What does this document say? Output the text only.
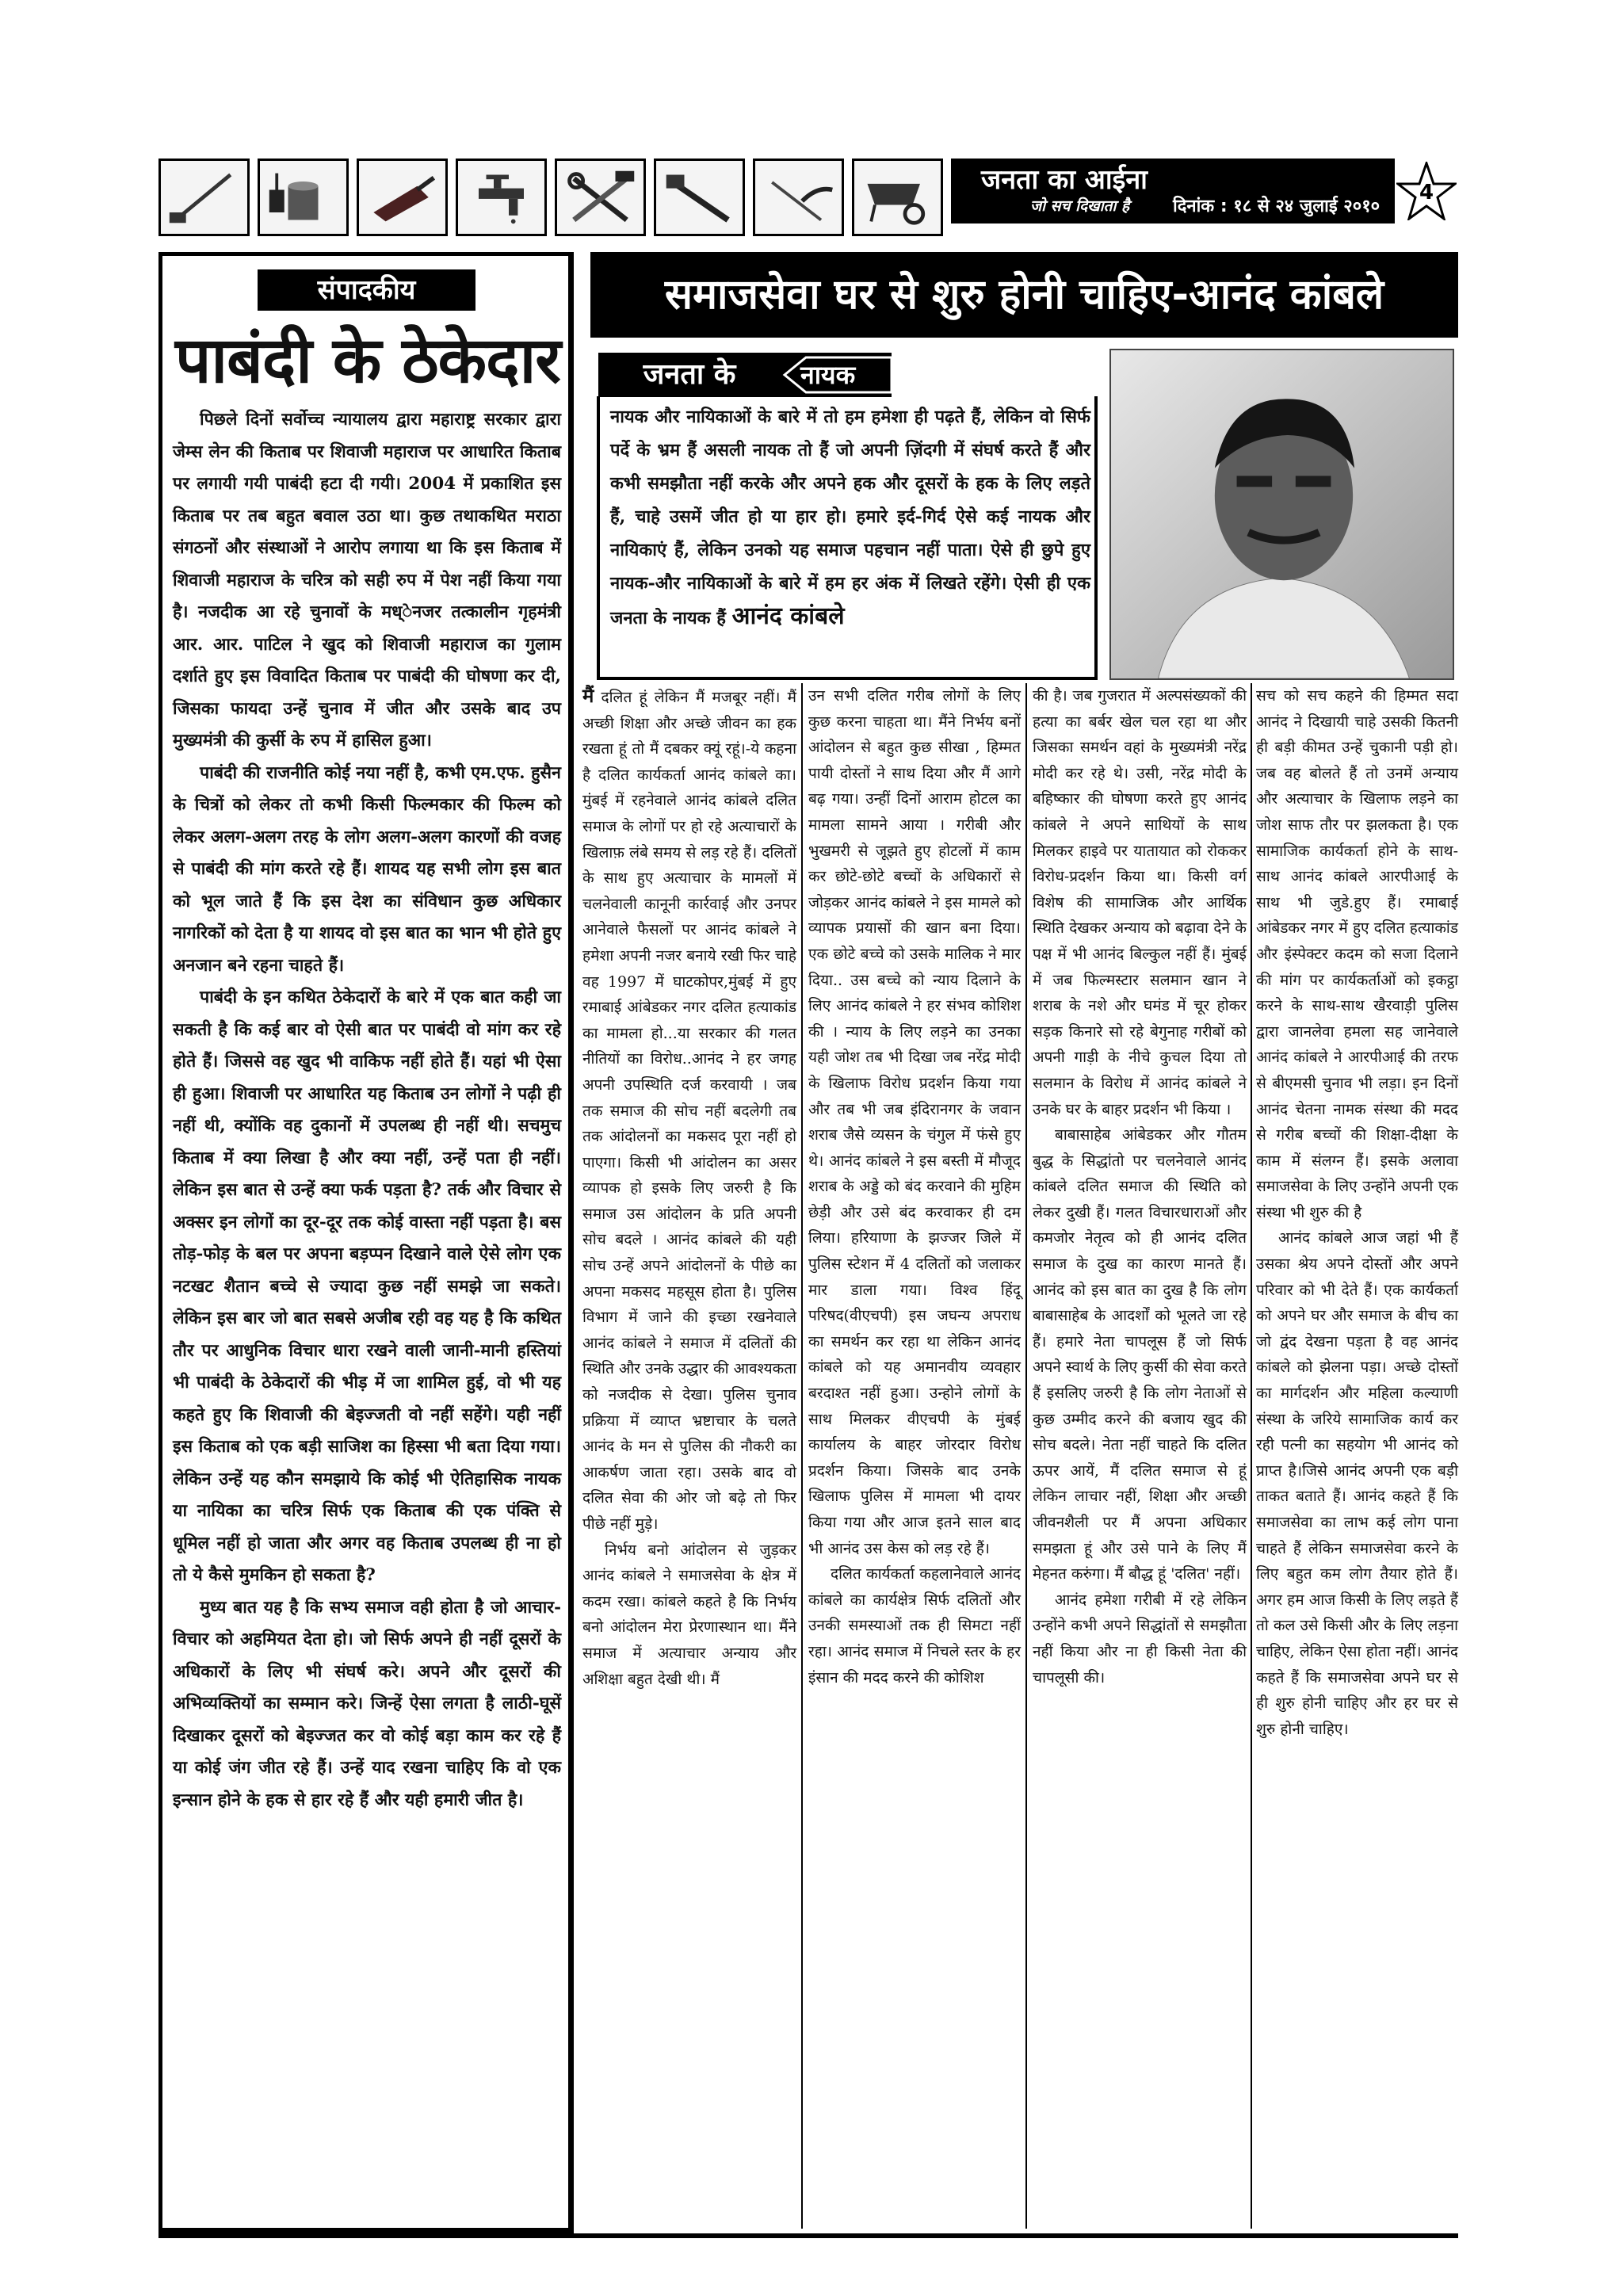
जनता का आईना
जो सच दिखाता है दिनांक : १८ से २४ जुलाई २०१०
4
संपादकीय
पाबंदी के ठेकेदार

पिछले दिनों सर्वोच्च न्यायालय द्वारा महाराष्ट्र सरकार द्वारा जेम्स लेन की किताब पर शिवाजी महाराज पर आधारित किताब पर लगायी गयी पाबंदी हटा दी गयी। 2004 में प्रकाशित इस किताब पर तब बहुत बवाल उठा था। कुछ तथाकथित मराठा संगठनों और संस्थाओं ने आरोप लगाया था कि इस किताब में शिवाजी महाराज के चरित्र को सही रुप में पेश नहीं किया गया है। नजदीक आ रहे चुनावों के मध्ेनजर तत्कालीन गृहमंत्री आर. आर. पाटिल ने खुद को शिवाजी महाराज का गुलाम दर्शाते हुए इस विवादित किताब पर पाबंदी की घोषणा कर दी, जिसका फायदा उन्हें चुनाव में जीत और उसके बाद उप मुख्यमंत्री की कुर्सी के रुप में हासिल हुआ।

पाबंदी की राजनीति कोई नया नहीं है, कभी एम.एफ. हुसैन के चित्रों को लेकर तो कभी किसी फिल्मकार की फिल्म को लेकर अलग-अलग तरह के लोग अलग-अलग कारणों की वजह से पाबंदी की मांग करते रहे हैं। शायद यह सभी लोग इस बात को भूल जाते हैं कि इस देश का संविधान कुछ अधिकार नागरिकों को देता है या शायद वो इस बात का भान भी होते हुए अनजान बने रहना चाहते हैं।

पाबंदी के इन कथित ठेकेदारों के बारे में एक बात कही जा सकती है कि कई बार वो ऐसी बात पर पाबंदी वो मांग कर रहे होते हैं। जिससे वह खुद भी वाकिफ नहीं होते हैं। यहां भी ऐसा ही हुआ। शिवाजी पर आधारित यह किताब उन लोगों ने पढ़ी ही नहीं थी, क्योंकि वह दुकानों में उपलब्ध ही नहीं थी। सचमुच किताब में क्या लिखा है और क्या नहीं, उन्हें पता ही नहीं। लेकिन इस बात से उन्हें क्या फर्क पड़ता है? तर्क और विचार से अक्सर इन लोगों का दूर-दूर तक कोई वास्ता नहीं पड़ता है। बस तोड़-फोड़ के बल पर अपना बड़प्पन दिखाने वाले ऐसे लोग एक नटखट शैतान बच्चे से ज्यादा कुछ नहीं समझे जा सकते। लेकिन इस बार जो बात सबसे अजीब रही वह यह है कि कथित तौर पर आधुनिक विचार धारा रखने वाली जानी-मानी हस्तियां भी पाबंदी के ठेकेदारों की भीड़ में जा शामिल हुई, वो भी यह कहते हुए कि शिवाजी की बेइज्जती वो नहीं सहेंगे। यही नहीं इस किताब को एक बड़ी साजिश का हिस्सा भी बता दिया गया। लेकिन उन्हें यह कौन समझाये कि कोई भी ऐतिहासिक नायक या नायिका का चरित्र सिर्फ एक किताब की एक पंक्ति से धूमिल नहीं हो जाता और अगर वह किताब उपलब्ध ही ना हो तो ये कैसे मुमकिन हो सकता है?

मुध्य बात यह है कि सभ्य समाज वही होता है जो आचार-विचार को अहमियत देता हो। जो सिर्फ अपने ही नहीं दूसरों के अधिकारों के लिए भी संघर्ष करे। अपने और दूसरों की अभिव्यक्तियों का सम्मान करे। जिन्हें ऐसा लगता है लाठी-घूसें दिखाकर दूसरों को बेइज्जत कर वो कोई बड़ा काम कर रहे हैं या कोई जंग जीत रहे हैं। उन्हें याद रखना चाहिए कि वो एक इन्सान होने के हक से हार रहे हैं और यही हमारी जीत है।

समाजसेवा घर से शुरु होनी चाहिए-आनंद कांबले
जनता के	नायक
नायक और नायिकाओं के बारे में तो हम हमेशा ही पढ़ते हैं, लेकिन वो सिर्फ पर्दे के भ्रम हैं असली नायक तो हैं जो अपनी ज़िंदगी में संघर्ष करते हैं और कभी समझौता नहीं करके और अपने हक और दूसरों के हक के लिए लड़ते हैं, चाहे उसमें जीत हो या हार हो। हमारे इर्द-गिर्द ऐसे कई नायक और नायिकाएं हैं, लेकिन उनको यह समाज पहचान नहीं पाता। ऐसे ही छुपे हुए नायक-और नायिकाओं के बारे में हम हर अंक में लिखते रहेंगे। ऐसी ही एक जनता के नायक हैं आनंद कांबले

मैं दलित हूं लेकिन मैं मजबूर नहीं। मैं अच्छी शिक्षा और अच्छे जीवन का हक रखता हूं तो मैं दबकर क्यूं रहूं।-ये कहना है दलित कार्यकर्ता आनंद कांबले का। मुंबई में रहनेवाले आनंद कांबले दलित समाज के लोगों पर हो रहे अत्याचारों के खिलाफ़ लंबे समय से लड़ रहे हैं। दलितों के साथ हुए अत्याचार के मामलों में चलनेवाली कानूनी कार्रवाई और उनपर आनेवाले फैसलों पर आनंद कांबले ने हमेशा अपनी नजर बनाये रखी फिर चाहे वह 1997 में घाटकोपर,मुंबई में हुए रमाबाई आंबेडकर नगर दलित हत्याकांड का मामला हो...या सरकार की गलत नीतियों का विरोध..आनंद ने हर जगह अपनी उपस्थिति दर्ज करवायी । जब तक समाज की सोच नहीं बदलेगी तब तक आंदोलनों का मकसद पूरा नहीं हो पाएगा। किसी भी आंदोलन का असर व्यापक हो इसके लिए जरुरी है कि समाज उस आंदोलन के प्रति अपनी सोच बदले । आनंद कांबले की यही सोच उन्हें अपने आंदोलनों के पीछे का अपना मकसद महसूस होता है। पुलिस विभाग में जाने की इच्छा रखनेवाले आनंद कांबले ने समाज में दलितों की स्थिति और उनके उद्धार की आवश्यकता को नजदीक से देखा। पुलिस चुनाव प्रक्रिया में व्याप्त भ्रष्टाचार के चलते आनंद के मन से पुलिस की नौकरी का आकर्षण जाता रहा। उसके बाद वो दलित सेवा की ओर जो बढ़े तो फिर पीछे नहीं मुड़े।

निर्भय बनो आंदोलन से जुड़कर आनंद कांबले ने समाजसेवा के क्षेत्र में कदम रखा। कांबले कहते है कि निर्भय बनो आंदोलन मेरा प्रेरणास्थान था। मैंने समाज में अत्याचार अन्याय और अशिक्षा बहुत देखी थी। मैं

उन सभी दलित गरीब लोगों के लिए कुछ करना चाहता था। मैंने निर्भय बनों आंदोलन से बहुत कुछ सीखा , हिम्मत पायी दोस्तों ने साथ दिया और मैं आगे बढ़ गया। उन्हीं दिनों आराम होटल का मामला सामने आया । गरीबी और भुखमरी से जूझते हुए होटलों में काम कर छोटे-छोटे बच्चों के अधिकारों से जोड़कर आनंद कांबले ने इस मामले को व्यापक प्रयासों की खान बना दिया। एक छोटे बच्चे को उसके मालिक ने मार दिया.. उस बच्चे को न्याय दिलाने के लिए आनंद कांबले ने हर संभव कोशिश की । न्याय के लिए लड़ने का उनका यही जोश तब भी दिखा जब नरेंद्र मोदी के खिलाफ विरोध प्रदर्शन किया गया और तब भी जब इंदिरानगर के जवान शराब जैसे व्यसन के चंगुल में फंसे हुए थे। आनंद कांबले ने इस बस्ती में मौजूद शराब के अड्डे को बंद करवाने की मुहिम छेड़ी और उसे बंद करवाकर ही दम लिया। हरियाणा के झज्जर जिले में पुलिस स्टेशन में 4 दलितों को जलाकर मार डाला गया। विश्व हिंदू परिषद(वीएचपी) इस जघन्य अपराध का समर्थन कर रहा था लेकिन आनंद कांबले को यह अमानवीय व्यवहार बरदाश्त नहीं हुआ। उन्होने लोगों के साथ मिलकर वीएचपी के मुंबई कार्यालय के बाहर जोरदार विरोध प्रदर्शन किया। जिसके बाद उनके खिलाफ पुलिस में मामला भी दायर किया गया और आज इतने साल बाद भी आनंद उस केस को लड़ रहे हैं।

दलित कार्यकर्ता कहलानेवाले आनंद कांबले का कार्यक्षेत्र सिर्फ दलितों और उनकी समस्याओं तक ही सिमटा नहीं रहा। आनंद समाज में निचले स्तर के हर इंसान की मदद करने की कोशिश

की है। जब गुजरात में अल्पसंख्यकों की हत्या का बर्बर खेल चल रहा था और जिसका समर्थन वहां के मुख्यमंत्री नरेंद्र मोदी कर रहे थे। उसी, नरेंद्र मोदी के बहिष्कार की घोषणा करते हुए आनंद कांबले ने अपने साथियों के साथ मिलकर हाइवे पर यातायात को रोककर विरोध-प्रदर्शन किया था। किसी वर्ग विशेष की सामाजिक और आर्थिक स्थिति देखकर अन्याय को बढ़ावा देने के पक्ष में भी आनंद बिल्कुल नहीं हैं। मुंबई में जब फिल्मस्टार सलमान खान ने शराब के नशे और घमंड में चूर होकर सड़क किनारे सो रहे बेगुनाह गरीबों को अपनी गाड़ी के नीचे कुचल दिया तो सलमान के विरोध में आनंद कांबले ने उनके घर के बाहर प्रदर्शन भी किया ।

बाबासाहेब आंबेडकर और गौतम बुद्ध के सिद्धांतो पर चलनेवाले आनंद कांबले दलित समाज की स्थिति को लेकर दुखी हैं। गलत विचारधाराओं और कमजोर नेतृत्व को ही आनंद दलित समाज के दुख का कारण मानते हैं। आनंद को इस बात का दुख है कि लोग बाबासाहेब के आदर्शों को भूलते जा रहे हैं। हमारे नेता चापलूस हैं जो सिर्फ अपने स्वार्थ के लिए कुर्सी की सेवा करते हैं इसलिए जरुरी है कि लोग नेताओं से कुछ उम्मीद करने की बजाय खुद की सोच बदले। नेता नहीं चाहते कि दलित ऊपर आयें, मैं दलित समाज से हूं लेकिन लाचार नहीं, शिक्षा और अच्छी जीवनशैली पर मैं अपना अधिकार समझता हूं और उसे पाने के लिए मैं मेहनत करुंगा। मैं बौद्ध हूं 'दलित' नहीं।

आनंद हमेशा गरीबी में रहे लेकिन उन्होंने कभी अपने सिद्धांतों से समझौता नहीं किया और ना ही किसी नेता की चापलूसी की।

सच को सच कहने की हिम्मत सदा आनंद ने दिखायी चाहे उसकी कितनी ही बड़ी कीमत उन्हें चुकानी पड़ी हो। जब वह बोलते हैं तो उनमें अन्याय और अत्याचार के खिलाफ लड़ने का जोश साफ तौर पर झलकता है। एक सामाजिक कार्यकर्ता होने के साथ-साथ आनंद कांबले आरपीआई के साथ भी जुडे.हुए हैं। रमाबाई आंबेडकर नगर में हुए दलित हत्याकांड और इंस्पेक्टर कदम को सजा दिलाने की मांग पर कार्यकर्ताओं को इकट्ठा करने के साथ-साथ खैरवाड़ी पुलिस द्वारा जानलेवा हमला सह जानेवाले आनंद कांबले ने आरपीआई की तरफ से बीएमसी चुनाव भी लड़ा। इन दिनों आनंद चेतना नामक संस्था की मदद से गरीब बच्चों की शिक्षा-दीक्षा के काम में संलग्न हैं। इसके अलावा समाजसेवा के लिए उन्होंने अपनी एक संस्था भी शुरु की है

आनंद कांबले आज जहां भी हैं उसका श्रेय अपने दोस्तों और अपने परिवार को भी देते हैं। एक कार्यकर्ता को अपने घर और समाज के बीच का जो द्वंद देखना पड़ता है वह आनंद कांबले को झेलना पड़ा। अच्छे दोस्तों का मार्गदर्शन और महिला कल्याणी संस्था के जरिये सामाजिक कार्य कर रही पत्नी का सहयोग भी आनंद को प्राप्त है।जिसे आनंद अपनी एक बड़ी ताकत बताते हैं। आनंद कहते हैं कि समाजसेवा का लाभ कई लोग पाना चाहते हैं लेकिन समाजसेवा करने के लिए बहुत कम लोग तैयार होते हैं। अगर हम आज किसी के लिए लड़ते हैं तो कल उसे किसी और के लिए लड़ना चाहिए, लेकिन ऐसा होता नहीं। आनंद कहते हैं कि समाजसेवा अपने घर से ही शुरु होनी चाहिए और हर घर से शुरु होनी चाहिए।
